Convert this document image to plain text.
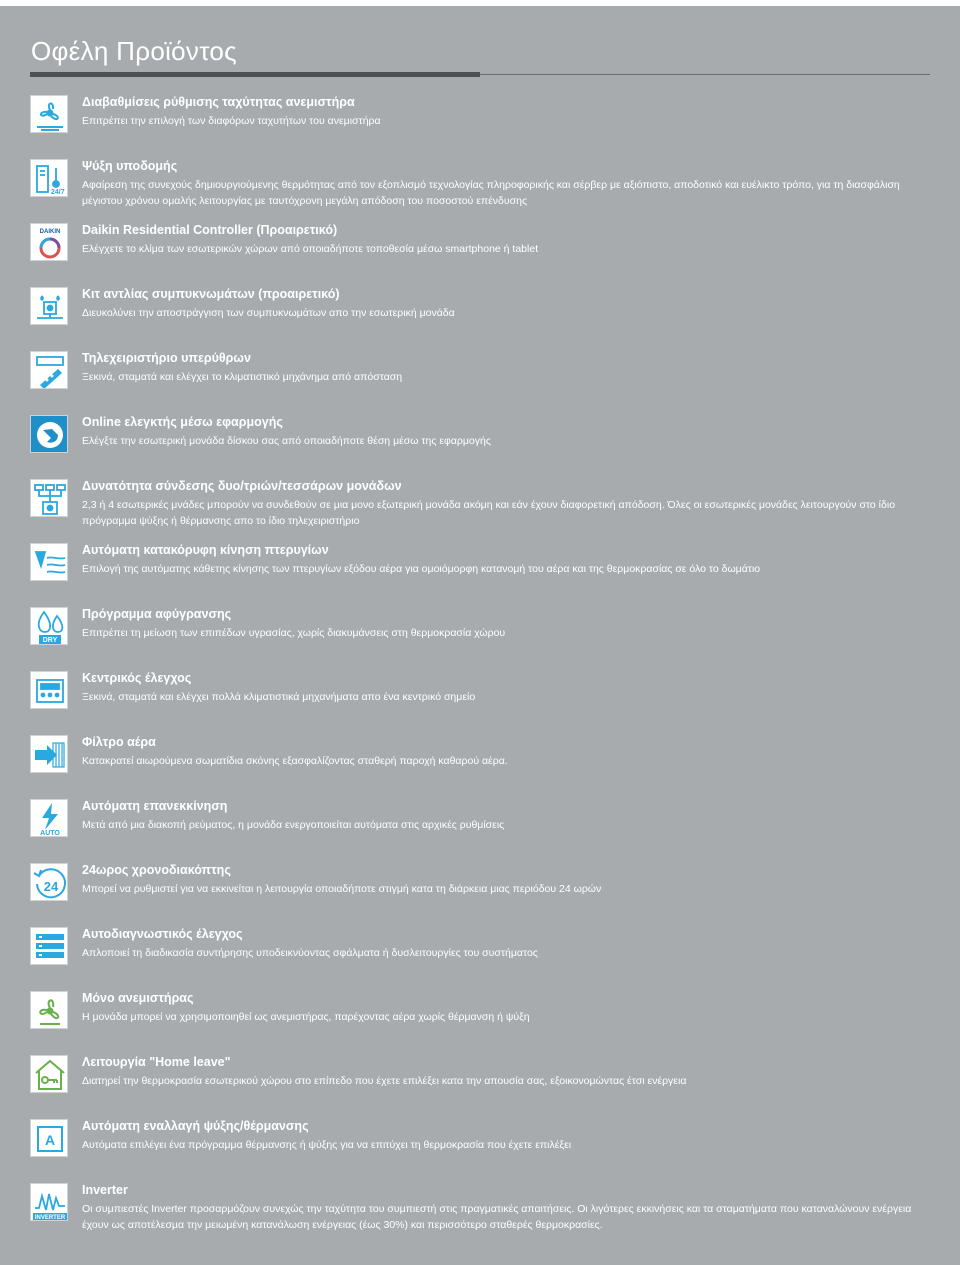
Οφέλη Προϊόντος

Διαβαθμίσεις ρύθμισης ταχύτητας ανεμιστήρα

Επιτρέπει την επιλογή των διαφόρων ταχυτήτων του ανεμιστήρα

24/7

Ψύξη υποδομής

Αφαίρεση της συνεχούς δημιουργιούμενης θερμότητας από τον εξοπλισμό τεχνολογίας πληροφορικής και σέρβερ με αξιόπιστο, αποδοτικό και ευέλικτο τρόπο, για τη διασφάλιση μέγιστου χρόνου ομαλής λειτουργίας με ταυτόχρονη μεγάλη απόδοση του ποσοστού επένδυσης

DAIKIN Daikin Residential Controller (Προαιρετικό)

Ελέγχετε το κλίμα των εσωτερικών χώρων από οποιαδήποτε τοποθεσία μέσω smartphone ή tablet

Κιτ αντλίας συμπυκνωμάτων (προαιρετικό)

Διευκολύνει την αποστράγγιση των συμπυκνωμάτων απο την εσωτερική μονάδα

Τηλεχειριστήριο υπερύθρων

Ξεκινά, σταματά και ελέγχει το κλιματιστικό μηχάνημα από απόσταση

Online ελεγκτής μέσω εφαρμογής

Ελέγξτε την εσωτερική μονάδα δίσκου σας από οποιαδήποτε θέση μέσω της εφαρμογής

Δυνατότητα σύνδεσης δυο/τριών/τεσσάρων μονάδων

2,3 ή 4 εσωτερικές μνάδες μπορούν να συνδεθούν σε μια μονο εξωτερική μονάδα ακόμη και εάν έχουν διαφορετική απόδοση. Όλες οι εσωτερικές μονάδες λειτουργούν στο ίδιο πρόγραμμα ψύξης ή θέρμανσης απο το ίδιο τηλεχειριστήριο

Αυτόματη κατακόρυφη κίνηση πτερυγίων

Επιλογή της αυτόματης κάθετης κίνησης των πτερυγίων εξόδου αέρα για ομοιόμορφη κατανομή του αέρα και της θερμοκρασίας σε όλο το δωμάτιο

DRY

Πρόγραμμα αφύγρανσης

Επιτρέπει τη μείωση των επιπέδων υγρασίας, χωρίς διακυμάνσεις στη θερμοκρασία χώρου

Κεντρικός έλεγχος

Ξεκινά, σταματά και ελέγχει πολλά κλιματιστικά μηχανήματα απο ένα κεντρικό σημείο

Φίλτρο αέρα

Κατακρατεί αιωρούμενα σωματίδια σκόνης εξασφαλίζοντας σταθερή παροχή καθαρού αέρα.

AUTO

Αυτόματη επανεκκίνηση

Μετά από μια διακοπή ρεύματος, η μονάδα ενεργοποιείται αυτόματα στις αρχικές ρυθμίσεις

24

24ωρος χρονοδιακόπτης

Μπορεί να ρυθμιστεί για να εκκινείται η λειτουργία οποιαδήποτε στιγμή κατα τη διάρκεια μιας περιόδου 24 ωρών

Αυτοδιαγνωστικός έλεγχος

Απλοποιεί τη διαδικασία συντήρησης υποδεικνύοντας σφάλματα ή δυσλειτουργίες του συστήματος

Μόνο ανεμιστήρας

Η μονάδα μπορεί να χρησιμοποιηθεί ως ανεμιστήρας, παρέχοντας αέρα χωρίς θέρμανση ή ψύξη

Λειτουργία "Home leave"

Διατηρεί την θερμοκρασία εσωτερικού χώρου στο επίπεδο που έχετε επιλέξει κατα την απουσία σας, εξοικονομώντας έτσι ενέργεια

A

Αυτόματη εναλλαγή ψύξης/θέρμανσης

Αυτόματα επιλέγει ένα πρόγραμμα θέρμανσης ή ψύξης για να επιτύχει τη θερμοκρασία που έχετε επιλέξει

INVERTER

Inverter

Οι συμπιεστές Inverter προσαρμόζουν συνεχώς την ταχύτητα του συμπιεστή στις πραγματικές απαιτήσεις. Οι λιγότερες εκκινήσεις και τα σταματήματα που καταναλώνουν ενέργεια έχουν ως αποτέλεσμα την μειωμένη κατανάλωση ενέργειας (έως 30%) και περισσότερο σταθερές θερμοκρασίες.
